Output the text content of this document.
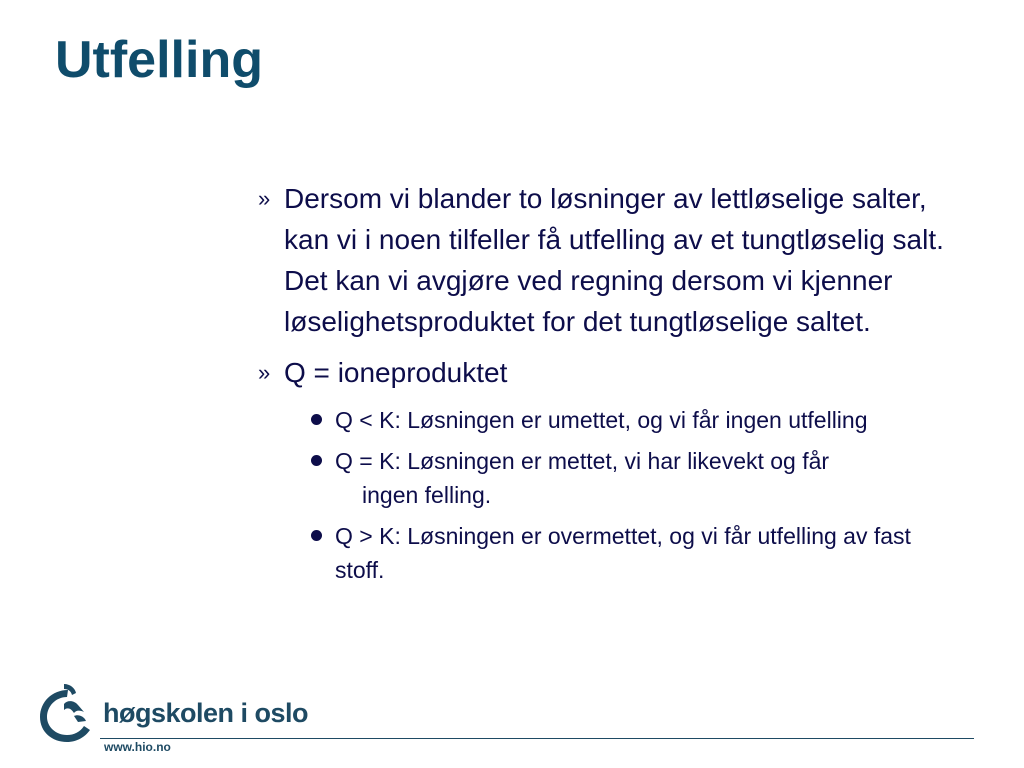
Utfelling
» Dersom vi blander to løsninger av lettløselige salter, kan vi i noen tilfeller få utfelling av et tungtløselig salt. Det kan vi avgjøre ved regning dersom vi kjenner løselighetsproduktet for det tungtløselige saltet.
» Q = ioneproduktet
Q < K: Løsningen er umettet, og vi får ingen utfelling
Q = K: Løsningen er mettet, vi har likevekt og får
ingen felling.
Q > K: Løsningen er overmettet, og vi får utfelling av faststoff.
høgskolen i oslo
www.hio.no
